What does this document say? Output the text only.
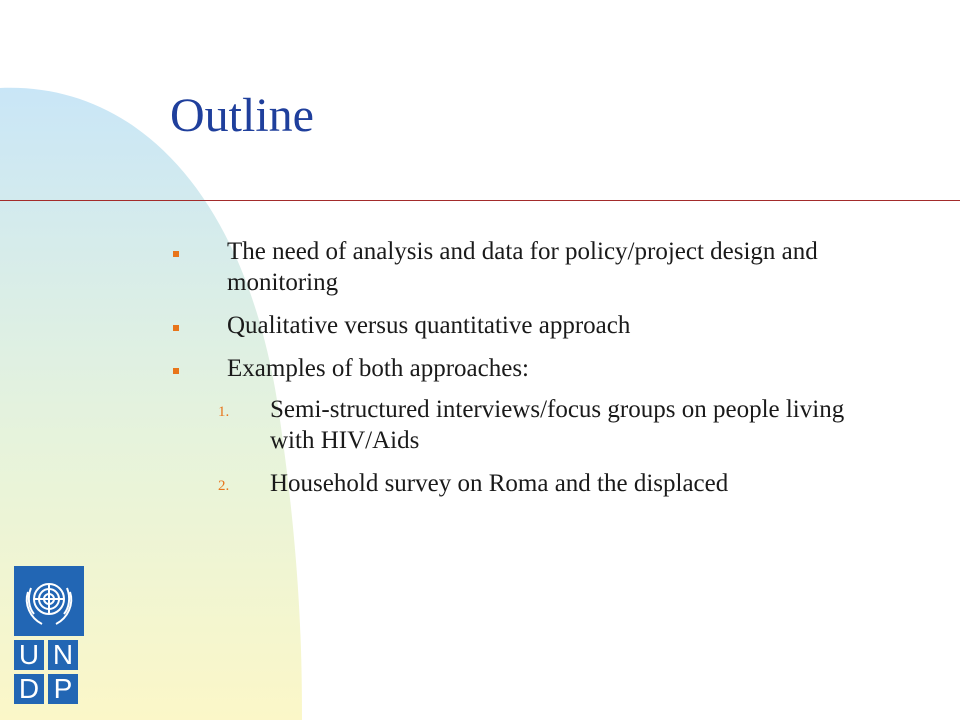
Outline
The need of analysis and data for policy/project design and monitoring
Qualitative versus quantitative approach
Examples of both approaches:
1. Semi-structured interviews/focus groups on people living with HIV/Aids
2. Household survey on Roma and the displaced
U N
D P
